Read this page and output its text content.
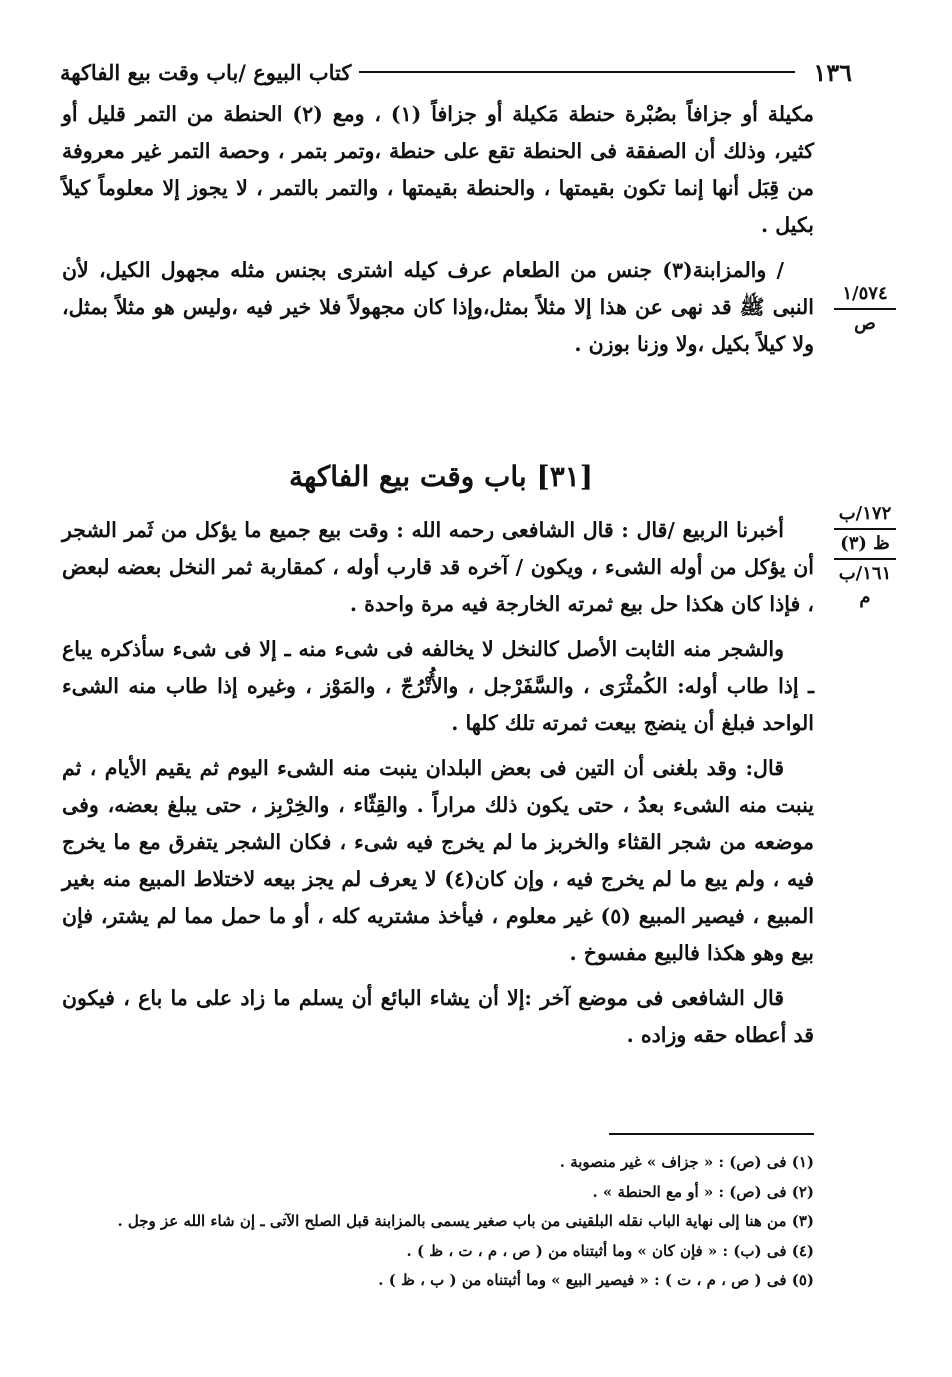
١٣٦
كتاب البيوع /باب وقت بيع الفاكهة

مكيلة أو جزافاً بصُبْرة حنطة مَكيلة أو جزافاً (١) ، ومع (٢) الحنطة من التمر قليل أو كثير، وذلك أن الصفقة فى الحنطة تقع على حنطة ،وتمر بتمر ، وحصة التمر غير معروفة من قِبَل أنها إنما تكون بقيمتها ، والحنطة بقيمتها ، والتمر بالتمر ، لا يجوز إلا معلوماً كيلاً بكيل .

/ والمزابنة(٣) جنس من الطعام عرف كيله اشترى بجنس مثله مجهول الكيل، لأن النبى ﷺ قد نهى عن هذا إلا مثلاً بمثل،وإذا كان مجهولاً فلا خير فيه ،وليس هو مثلاً بمثل، ولا كيلاً بكيل ،ولا وزنا بوزن .

١/٥٧٤
ص
[٣١] باب وقت بيع الفاكهة
١٧٢/ب
ظ (٣)
١٦١/ب
م

أخبرنا الربيع /قال : قال الشافعى رحمه الله : وقت بيع جميع ما يؤكل من ثَمر الشجر أن يؤكل من أوله الشىء ، ويكون / آخره قد قارب أوله ، كمقاربة ثمر النخل بعضه لبعض ، فإذا كان هكذا حل بيع ثمرته الخارجة فيه مرة واحدة .

والشجر منه الثابت الأصل كالنخل لا يخالفه فى شىء منه ـ إلا فى شىء سأذكره يباع ـ إذا طاب أوله: الكُمثْرَى ، والسَّفَرْجل ، والأُتْرُجّ ، والمَوْز ، وغيره إذا طاب منه الشىء الواحد فبلغ أن ينضج بيعت ثمرته تلك كلها .

قال: وقد بلغنى أن التين فى بعض البلدان ينبت منه الشىء اليوم ثم يقيم الأيام ، ثم ينبت منه الشىء بعدُ ، حتى يكون ذلك مراراً . والقِثّاء ، والخِرْبِز ، حتى يبلغ بعضه، وفى موضعه من شجر القثاء والخربز ما لم يخرج فيه شىء ، فكان الشجر يتفرق مع ما يخرج فيه ، ولم يبع ما لم يخرج فيه ، وإن كان(٤) لا يعرف لم يجز بيعه لاختلاط المبيع منه بغير المبيع ، فيصير المبيع (٥) غير معلوم ، فيأخذ مشتريه كله ، أو ما حمل مما لم يشتر، فإن بيع وهو هكذا فالبيع مفسوخ .

قال الشافعى فى موضع آخر :إلا أن يشاء البائع أن يسلم ما زاد على ما باع ، فيكون قد أعطاه حقه وزاده .

(١) فى (ص) : « جزاف » غير منصوبة .
(٢) فى (ص) : « أو مع الحنطة » .
(٣) من هنا إلى نهاية الباب نقله البلقينى من باب صغير يسمى بالمزابنة قبل الصلح الآتى ـ إن شاء الله عز وجل .
(٤) فى (ب) : « فإن كان » وما أثبتناه من ( ص ، م ، ت ، ظ ) .
(٥) فى ( ص ، م ، ت ) : « فيصير البيع » وما أثبتناه من ( ب ، ظ ) .
